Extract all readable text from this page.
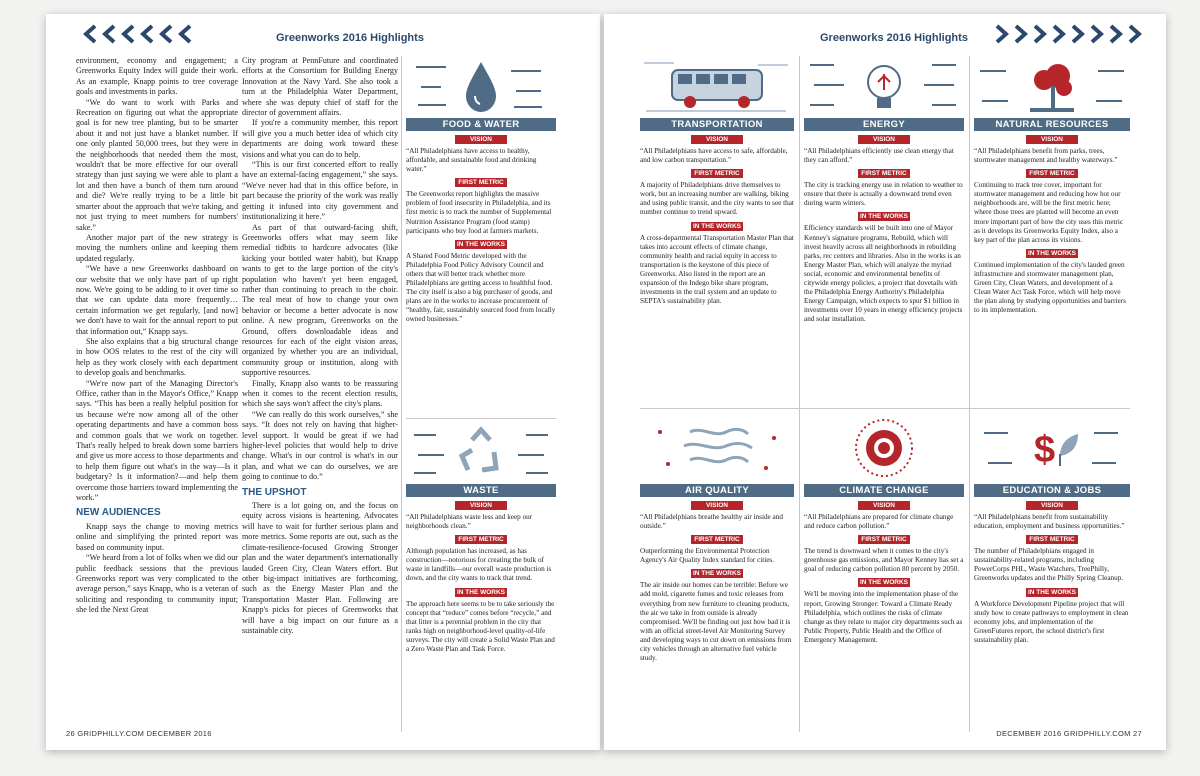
Greenworks 2016 Highlights

environment, economy and engagement; a Greenworks Equity Index will guide their work. As an example, Knapp points to tree coverage goals and investments in parks.

“We do want to work with Parks and Recreation on figuring out what the appropriate goal is for new tree planting, but to be smarter about it and not just have a blanket number. If one only planted 50,000 trees, but they were in the neighborhoods that needed them the most, wouldn't that be more effective for our overall strategy than just saying we were able to plant a lot and then have a bunch of them turn around and die? We're really trying to be a little bit smarter about the approach that we're taking, and not just trying to meet numbers for numbers' sake.”

Another major part of the new strategy is moving the numbers online and keeping them updated regularly.

“We have a new Greenworks dashboard on our website that we only have part of up right now. We're going to be adding to it over time so that we can update data more frequently… certain information we get regularly, [and now] we don't have to wait for the annual report to put that information out,” Knapp says.

She also explains that a big structural change in how OOS relates to the rest of the city will help as they work closely with each department to develop goals and benchmarks.

“We're now part of the Managing Director's Office, rather than in the Mayor's Office,” Knapp says. “This has been a really helpful position for us because we're now among all of the other operating departments and have a common boss and common goals that we work on together. That's really helped to break down some barriers and give us more access to those departments and to help them figure out what's in the way—Is it budgetary? Is it information?—and help them overcome those barriers toward implementing the work.”

NEW AUDIENCES

Knapp says the change to moving metrics online and simplifying the printed report was based on community input.

“We heard from a lot of folks when we did our public feedback sessions that the previous Greenworks report was very complicated to the average person,” says Knapp, who is a veteran of soliciting and responding to community input; she led the Next Great

City program at PennFuture and coordinated efforts at the Consortium for Building Energy Innovation at the Navy Yard. She also took a turn at the Philadelphia Water Department, where she was deputy chief of staff for the director of government affairs.

If you're a community member, this report will give you a much better idea of which city departments are doing work toward these visions and what you can do to help.

“This is our first concerted effort to really have an external-facing engagement,” she says. “We've never had that in this office before, in part because the priority of the work was really getting it infused into city government and institutionalizing it here.”

As part of that outward-facing shift, Greenworks offers what may seem like remedial tidbits to hardcore advocates (like kicking your bottled water habit), but Knapp wants to get to the large portion of the city's population who haven't yet been engaged, rather than continuing to preach to the choir. The real meat of how to change your own behavior or become a better advocate is now online. A new program, Greenworks on the Ground, offers downloadable ideas and resources for each of the eight vision areas, organized by whether you are an individual, community group or institution, along with supportive resources.

Finally, Knapp also wants to be reassuring when it comes to the recent election results, which she says won't affect the city's plans.

“We can really do this work ourselves,” she says. “It does not rely on having that higher-level support. It would be great if we had higher-level policies that would help to drive change. What's in our control is what's in our plan, and what we can do ourselves, we are going to continue to do.”

THE UPSHOT

There is a lot going on, and the focus on equity across visions is heartening. Advocates will have to wait for further serious plans and more metrics. Some reports are out, such as the climate-resilience-focused Growing Stronger plan and the water department's internationally lauded Green City, Clean Waters effort. But other big-impact initiatives are forthcoming, such as the Energy Master Plan and the Transportation Master Plan. Following are Knapp's picks for pieces of Greenworks that will have a big impact on our future as a sustainable city.

FOOD & WATER
VISION

“All Philadelphians have access to healthy, affordable, and sustainable food and drinking water.”

FIRST METRIC

The Greenworks report highlights the massive problem of food insecurity in Philadelphia, and its first metric is to track the number of Supplemental Nutrition Assistance Program (food stamp) participants who buy food at farmers markets.

IN THE WORKS

A Shared Food Metric developed with the Philadelphia Food Policy Advisory Council and others that will better track whether more Philadelphians are getting access to healthful food. The city itself is also a big purchaser of goods, and plans are in the works to increase procurement of “healthy, fair, sustainably sourced food from locally owned businesses.”

WASTE
VISION

“All Philadelphians waste less and keep our neighborhoods clean.”

FIRST METRIC

Although population has increased, as has construction—notorious for creating the bulk of waste in landfills—our overall waste production is down, and the city wants to track that trend.

IN THE WORKS

The approach here seems to be to take seriously the concept that “reduce” comes before “recycle,” and that litter is a perennial problem in the city that ranks high on neighborhood-level quality-of-life surveys. The city will create a Solid Waste Plan and a Zero Waste Plan and Task Force.

26 GRIDPHILLY.COM DECEMBER 2016
Greenworks 2016 Highlights
TRANSPORTATION
VISION

“All Philadelphians have access to safe, affordable, and low carbon transportation.”

FIRST METRIC

A majority of Philadelphians drive themselves to work, but an increasing number are walking, biking and using public transit, and the city wants to see that number continue to trend upward.

IN THE WORKS

A cross-departmental Transportation Master Plan that takes into account effects of climate change, community health and racial equity in access to transportation is the keystone of this piece of Greenworks. Also listed in the report are an expansion of the Indego bike share program, investments in the trail system and an update to SEPTA's sustainability plan.

ENERGY
VISION

“All Philadelphians efficiently use clean energy that they can afford.”

FIRST METRIC

The city is tracking energy use in relation to weather to ensure that there is actually a downward trend even during warm winters.

IN THE WORKS

Efficiency standards will be built into one of Mayor Kenney's signature programs, Rebuild, which will invest heavily across all neighborhoods in rebuilding parks, rec centers and libraries. Also in the works is an Energy Master Plan, which will analyze the myriad social, economic and environmental benefits of citywide energy policies, a project that dovetails with the Philadelphia Energy Authority's Philadelphia Energy Campaign, which expects to spur $1 billion in investments over 10 years in energy efficiency projects and solar installation.

NATURAL RESOURCES
VISION

“All Philadelphians benefit from parks, trees, stormwater management and healthy waterways.”

FIRST METRIC

Continuing to track tree cover, important for stormwater management and reducing how hot our neighborhoods are, will be the first metric here; where those trees are planted will become an even more important part of how the city uses this metric as it develops its Greenworks Equity Index, also a key part of the plan across its visions.

IN THE WORKS

Continued implementation of the city's lauded green infrastructure and stormwater management plan, Green City, Clean Waters, and development of a Clean Water Act Task Force, which will help move the plan along by studying opportunities and barriers to its implementation.

AIR QUALITY
VISION

“All Philadelphians breathe healthy air inside and outside.”

FIRST METRIC

Outperforming the Environmental Protection Agency's Air Quality Index standard for cities.

IN THE WORKS

The air inside our homes can be terrible: Before we add mold, cigarette fumes and toxic releases from everything from new furniture to cleaning products, the air we take in from outside is already compromised. We'll be finding out just how bad it is with an official street-level Air Monitoring Survey and developing ways to cut down on emissions from city vehicles through an alternative fuel vehicle study.

CLIMATE CHANGE
VISION

“All Philadelphians are prepared for climate change and reduce carbon pollution.”

FIRST METRIC

The trend is downward when it comes to the city's greenhouse gas emissions, and Mayor Kenney has set a goal of reducing carbon pollution 80 percent by 2050.

IN THE WORKS

We'll be moving into the implementation phase of the report, Growing Stronger: Toward a Climate Ready Philadelphia, which outlines the risks of climate change as they relate to major city departments such as Public Property, Public Health and the Office of Emergency Management.

$
EDUCATION & JOBS
VISION

“All Philadelphians benefit from sustainability education, employment and business opportunities.”

FIRST METRIC

The number of Philadelphians engaged in sustainability-related programs, including PowerCorps PHL, Waste Watchers, TreePhilly, Greenworks updates and the Philly Spring Cleanup.

IN THE WORKS

A Workforce Development Pipeline project that will study how to create pathways to employment in clean economy jobs, and implementation of the GreenFutures report, the school district's first sustainability plan.

DECEMBER 2016 GRIDPHILLY.COM 27
